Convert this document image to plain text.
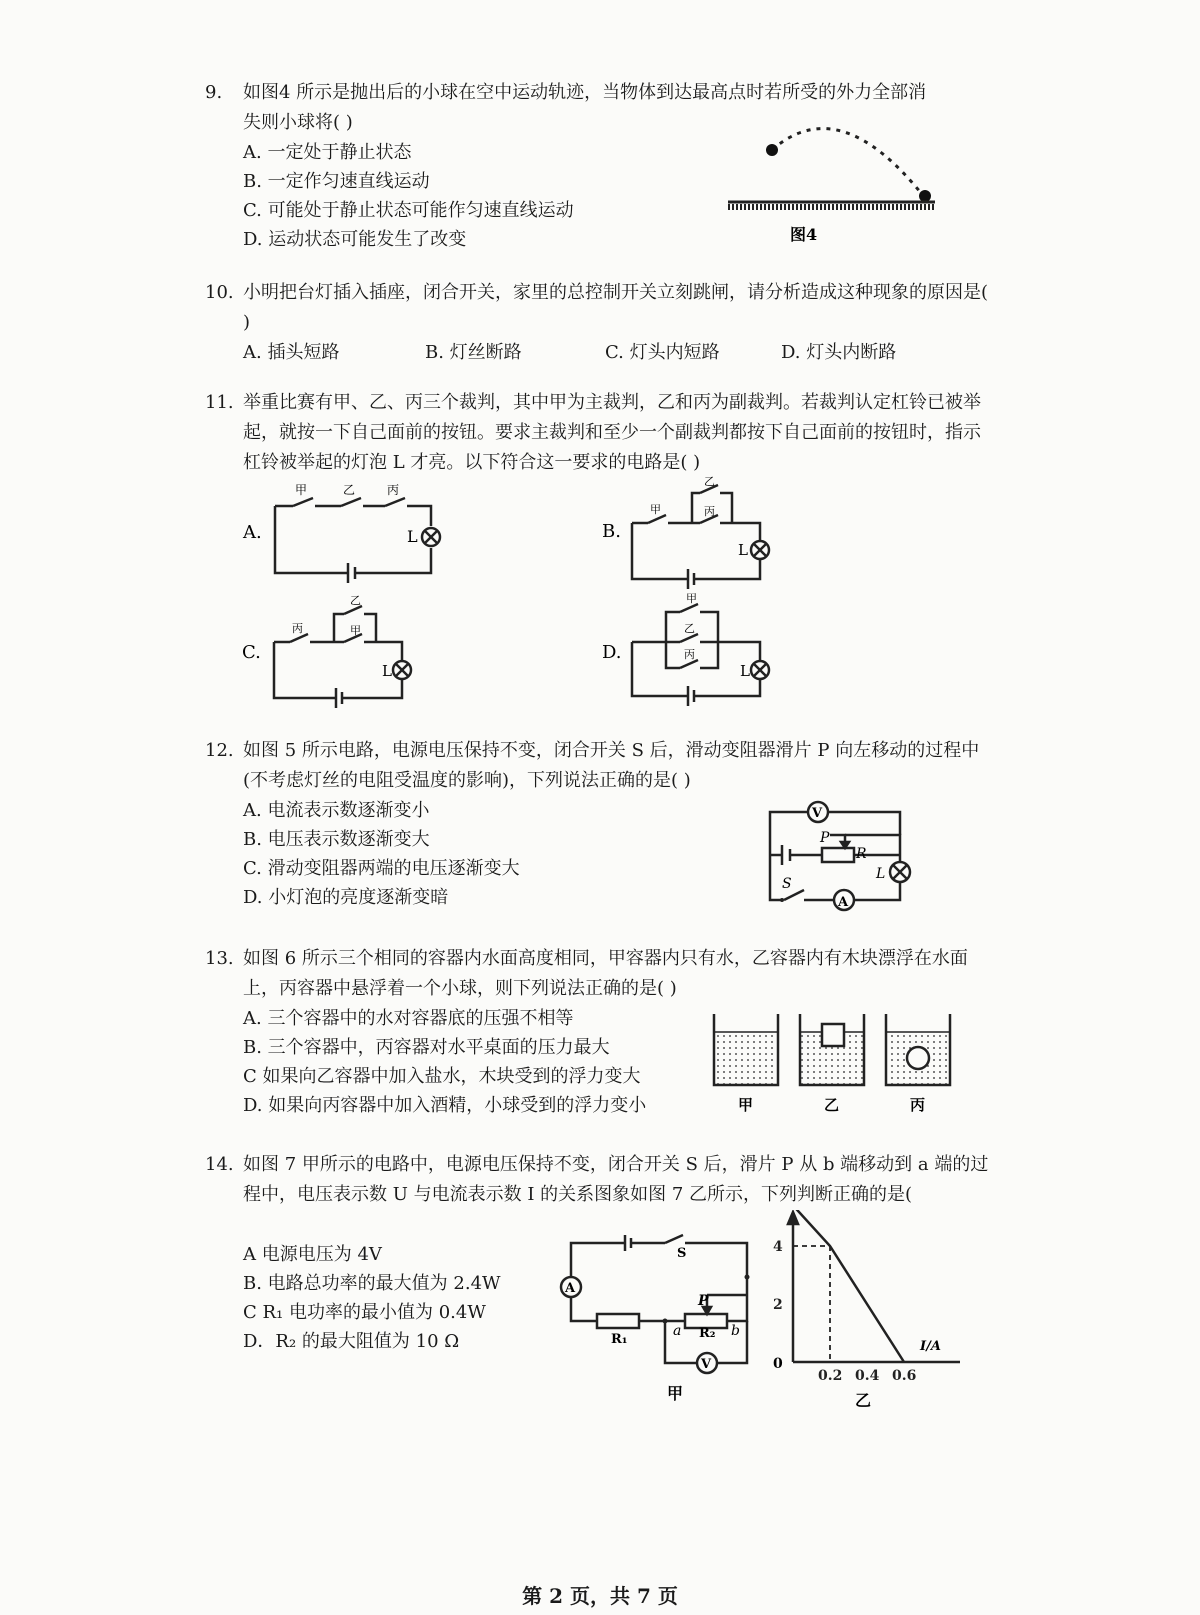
9.	如图4 所示是抛出后的小球在空中运动轨迹，当物体到达最高点时若所受的外力全部消失则小球将( )
A. 一定处于静止状态
B. 一定作匀速直线运动
C. 可能处于静止状态可能作匀速直线运动
D. 运动状态可能发生了改变	图4
10. 小明把台灯插入插座，闭合开关，家里的总控制开关立刻跳闸，请分析造成这种现象的原因是( )
A. 插头短路	B. 灯丝断路	C. 灯头内短路	D. 灯头内断路
11. 举重比赛有甲、乙、丙三个裁判，其中甲为主裁判，乙和丙为副裁判。若裁判认定杠铃已被举起，就按一下自己面前的按钮。要求主裁判和至少一个副裁判都按下自己面前的按钮时，指示杠铃被举起的灯泡 L 才亮。以下符合这一要求的电路是( )
A.
甲	乙	丙
L	B.
甲
乙
丙
L
C.
丙
乙
甲
L
D.
甲
乙
丙
L
12. 如图 5 所示电路，电源电压保持不变，闭合开关 S 后，滑动变阻器滑片 P 向左移动的过程中(不考虑灯丝的电阻受温度的影响)，下列说法正确的是( )
A. 电流表示数逐渐变小
B. 电压表示数逐渐变大
C. 滑动变阻器两端的电压逐渐变大
D. 小灯泡的亮度逐渐变暗
V
A
P
R
L
S
13. 如图 6 所示三个相同的容器内水面高度相同，甲容器内只有水，乙容器内有木块漂浮在水面上，丙容器中悬浮着一个小球，则下列说法正确的是( )
A. 三个容器中的水对容器底的压强不相等
B. 三个容器中，丙容器对水平桌面的压力最大
C 如果向乙容器中加入盐水，木块受到的浮力变大
D. 如果向丙容器中加入酒精，小球受到的浮力变小	甲	乙	丙
14. 如图 7 甲所示的电路中，电源电压保持不变，闭合开关 S 后，滑片 P 从 b 端移动到 a 端的过程中，电压表示数 U 与电流表示数 I 的关系图象如图 7 乙所示，下列判断正确的是(
A 电源电压为 4V
B. 电路总功率的最大值为 2.4W
C R₁ 电功率的最小值为 0.4W
D．R₂ 的最大阻值为 10 Ω
A
V
S
R₁	R₂
P
a	b
甲
0.2 0.4 0.6
4
2
0
I/A
乙
第 2 页，共 7 页
